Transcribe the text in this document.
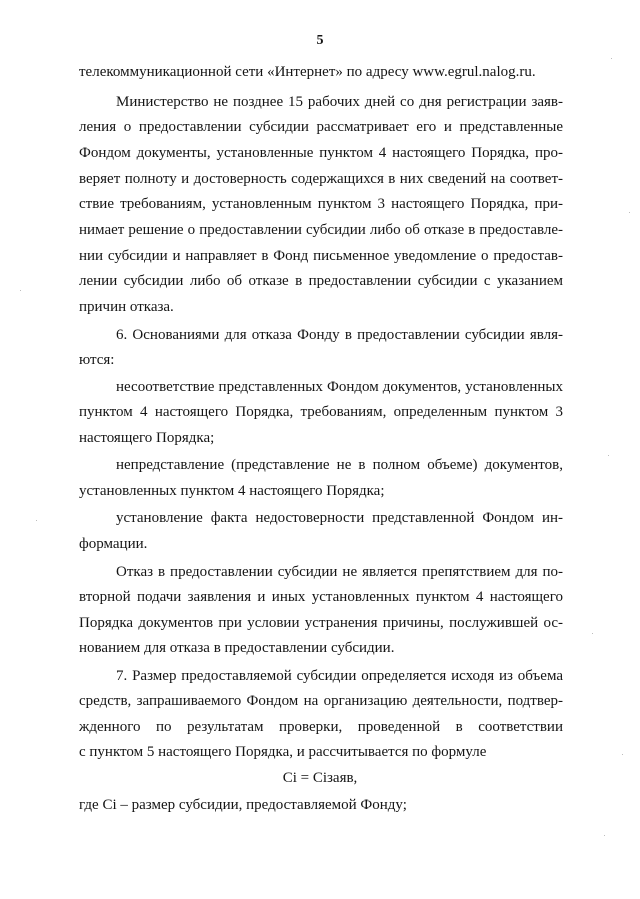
5
телекоммуникационной сети «Интернет» по адресу www.egrul.nalog.ru.
Министерство не позднее 15 рабочих дней со дня регистрации заяв-
ления о предоставлении субсидии рассматривает его и представленные
Фондом документы, установленные пунктом 4 настоящего Порядка, про-
веряет полноту и достоверность содержащихся в них сведений на соответ-
ствие требованиям, установленным пунктом 3 настоящего Порядка, при-
нимает решение о предоставлении субсидии либо об отказе в предоставле-
нии субсидии и направляет в Фонд письменное уведомление о предостав-
лении субсидии либо об отказе в предоставлении субсидии с указанием
причин отказа.
6. Основаниями для отказа Фонду в предоставлении субсидии явля-
ются:
несоответствие представленных Фондом документов, установленных
пунктом 4 настоящего Порядка, требованиям, определенным пунктом 3
настоящего Порядка;
непредставление (представление не в полном объеме) документов,
установленных пунктом 4 настоящего Порядка;
установление факта недостоверности представленной Фондом ин-
формации.
Отказ в предоставлении субсидии не является препятствием для по-
вторной подачи заявления и иных установленных пунктом 4 настоящего
Порядка документов при условии устранения причины, послужившей ос-
нованием для отказа в предоставлении субсидии.
7. Размер предоставляемой субсидии определяется исходя из объема
средств, запрашиваемого Фондом на организацию деятельности, подтвер-
жденного по результатам проверки, проведенной в соответствии
с пунктом 5 настоящего Порядка, и рассчитывается по формуле
Ci = Ciзаяв,
где Ci – размер субсидии, предоставляемой Фонду;
